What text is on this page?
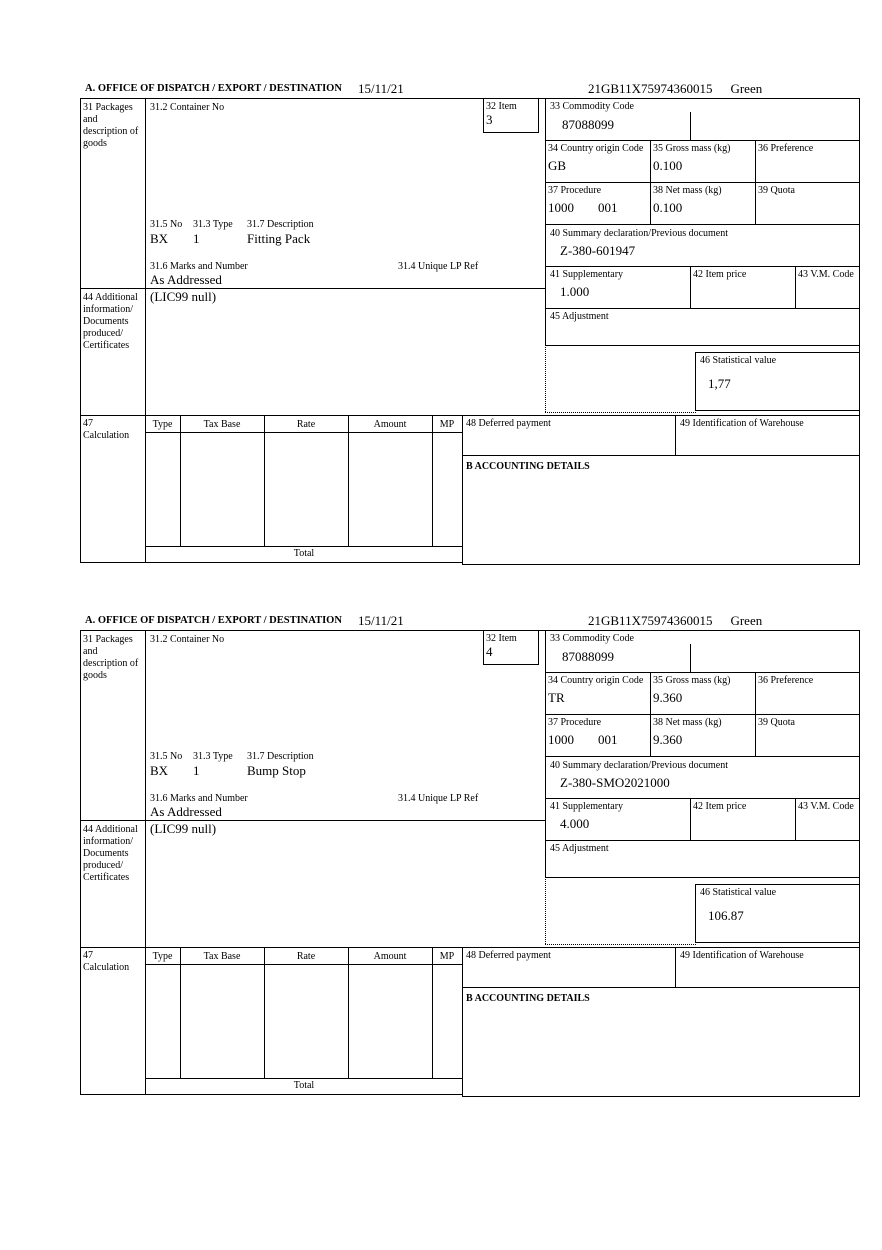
A. OFFICE OF DISPATCH / EXPORT / DESTINATION 15/11/21	21GB11X75974360015 Green
31 Packages and description of goods
31.2 Container No	32 Item
3
33 Commodity Code
87088099
34 Country origin Code
GB
35 Gross mass (kg)
0.100
36 Preference
37 Procedure
1000 001
38 Net mass (kg)
0.100
39 Quota
31.5 No 31.3 Type 31.7 Description
BX 1	Fitting Pack	40 Summary declaration/Previous document
Z-380-601947
31.6 Marks and Number	31.4 Unique LP Ref
As Addressed	41 Supplementary
1.000
42 Item price	43 V.M. Code
44 Additional information/ Documents produced/ Certificates
(LIC99 null)
45 Adjustment
46 Statistical value
1,77
47 Calculation
Type	Tax Base	Rate	Amount	MP
Total
48 Deferred payment	49 Identification of Warehouse
B ACCOUNTING DETAILS
A. OFFICE OF DISPATCH / EXPORT / DESTINATION 15/11/21	21GB11X75974360015 Green
31 Packages and description of goods
31.2 Container No	32 Item
4
33 Commodity Code
87088099
34 Country origin Code
TR
35 Gross mass (kg)
9.360
36 Preference
37 Procedure
1000 001
38 Net mass (kg)
9.360
39 Quota
31.5 No 31.3 Type 31.7 Description
BX 1	Bump Stop	40 Summary declaration/Previous document
Z-380-SMO2021000
31.6 Marks and Number	31.4 Unique LP Ref
As Addressed	41 Supplementary
4.000
42 Item price	43 V.M. Code
44 Additional information/ Documents produced/ Certificates
(LIC99 null)
45 Adjustment
46 Statistical value
106.87
47 Calculation
Type	Tax Base	Rate	Amount	MP
Total
48 Deferred payment	49 Identification of Warehouse
B ACCOUNTING DETAILS
